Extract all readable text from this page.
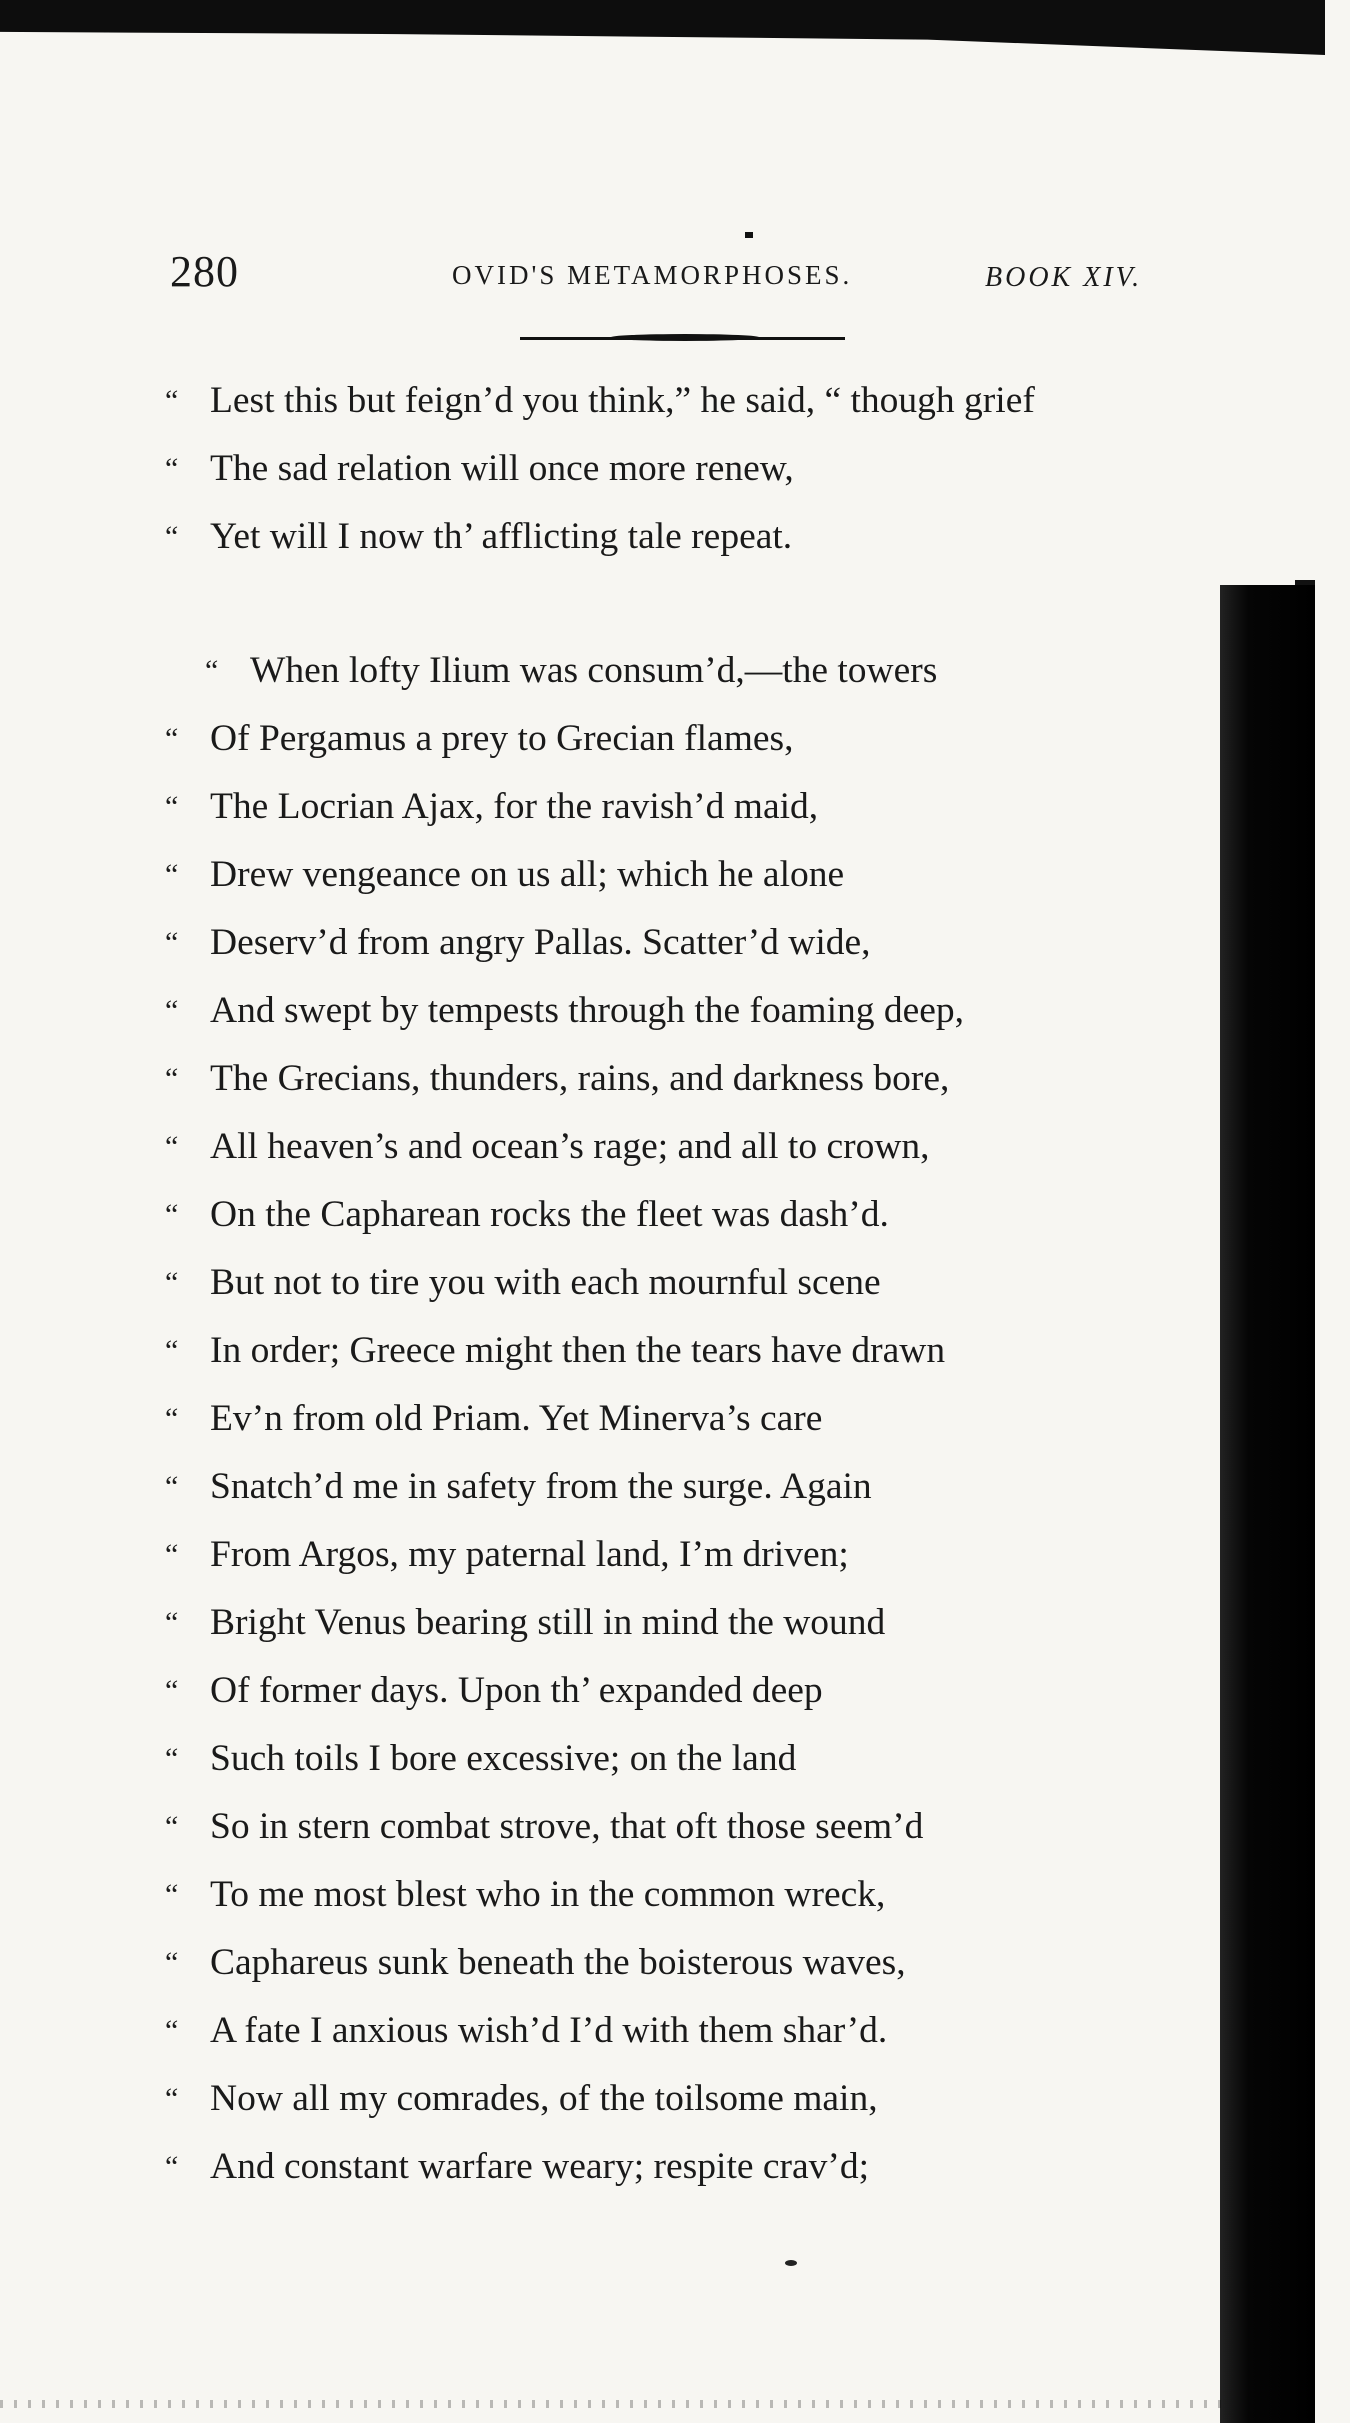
280	OVID'S METAMORPHOSES.	BOOK XIV.
“ Lest this but feign’d you think,” he said, “ though grief
“ The sad relation will once more renew,
“ Yet will I now th’ afflicting tale repeat.
“ When lofty Ilium was consum’d,—the towers
“ Of Pergamus a prey to Grecian flames,
“ The Locrian Ajax, for the ravish’d maid,
“ Drew vengeance on us all; which he alone
“ Deserv’d from angry Pallas. Scatter’d wide,
“ And swept by tempests through the foaming deep,
“ The Grecians, thunders, rains, and darkness bore,
“ All heaven’s and ocean’s rage; and all to crown,
“ On the Capharean rocks the fleet was dash’d.
“ But not to tire you with each mournful scene
“ In order; Greece might then the tears have drawn
“ Ev’n from old Priam. Yet Minerva’s care
“ Snatch’d me in safety from the surge. Again
“ From Argos, my paternal land, I’m driven;
“ Bright Venus bearing still in mind the wound
“ Of former days. Upon th’ expanded deep
“ Such toils I bore excessive; on the land
“ So in stern combat strove, that oft those seem’d
“ To me most blest who in the common wreck,
“ Caphareus sunk beneath the boisterous waves,
“ A fate I anxious wish’d I’d with them shar’d.
“ Now all my comrades, of the toilsome main,
“ And constant warfare weary; respite crav’d;
